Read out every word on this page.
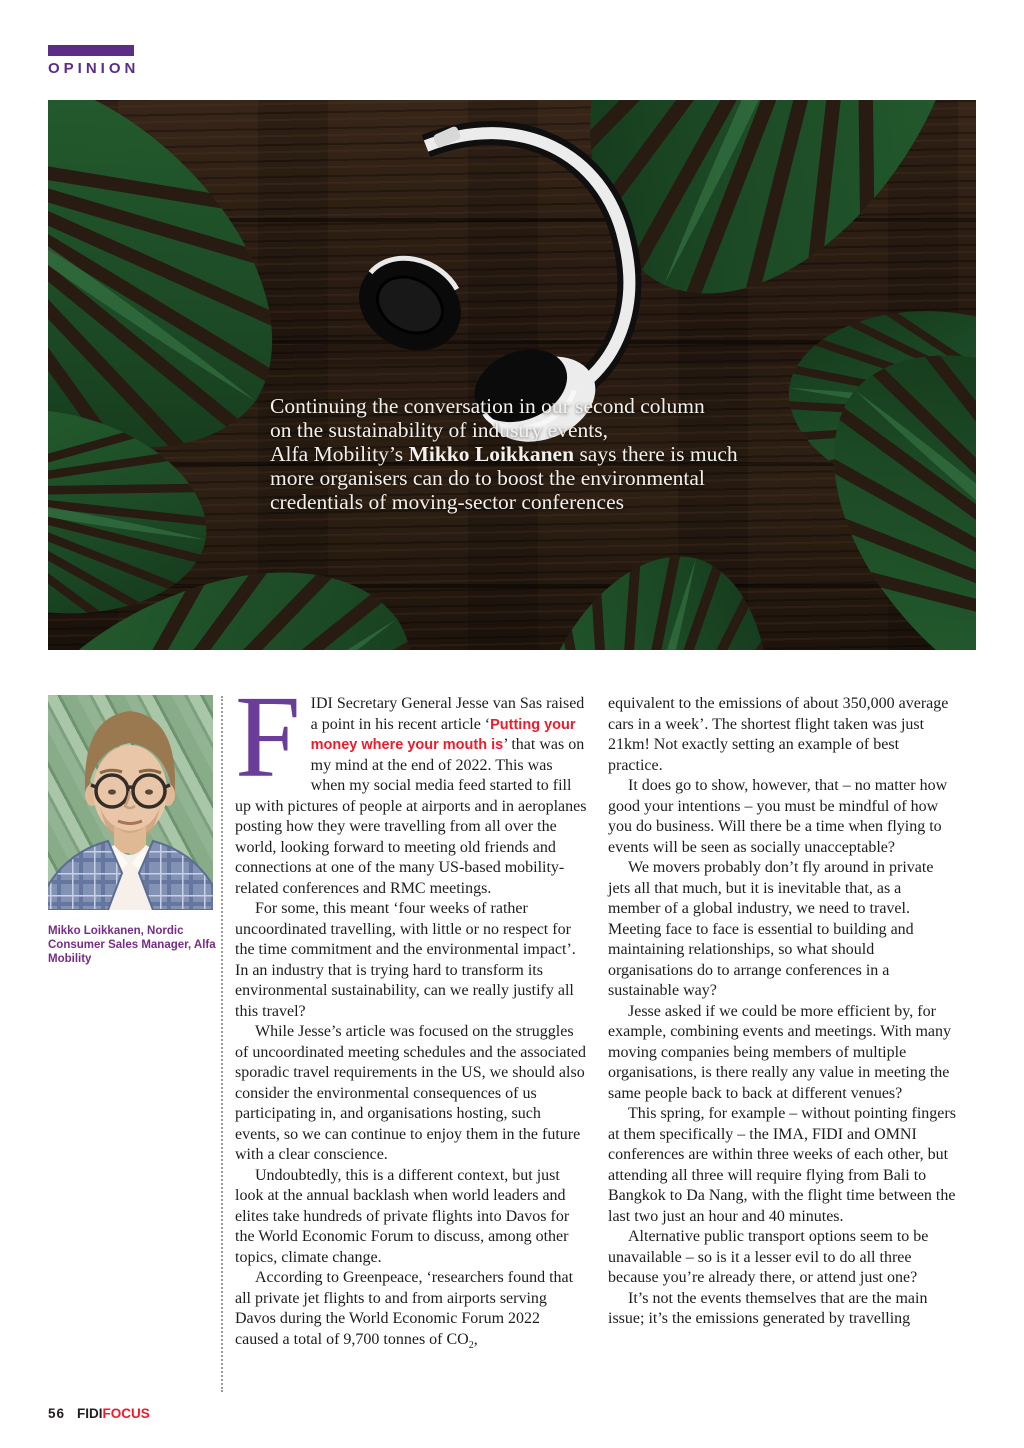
OPINION
Continuing the conversation in our second column
on the sustainability of industry events,
Alfa Mobility’s Mikko Loikkanen says there is much
more organisers can do to boost the environmental
credentials of moving-sector conferences
Mikko Loikkanen, Nordic Consumer Sales Manager, Alfa Mobility

FIDI Secretary General Jesse van Sas raised a point in his recent article ‘Putting your money where your mouth is’ that was on my mind at the end of 2022. This was when my social media feed started to fill up with pictures of people at airports and in aeroplanes posting how they were travelling from all over the world, looking forward to meeting old friends and connections at one of the many US-based mobility-related conferences and RMC meetings.

For some, this meant ‘four weeks of rather uncoordinated travelling, with little or no respect for the time commitment and the environmental impact’. In an industry that is trying hard to transform its environmental sustainability, can we really justify all this travel?

While Jesse’s article was focused on the struggles of uncoordinated meeting schedules and the associated sporadic travel requirements in the US, we should also consider the environmental consequences of us participating in, and organisations hosting, such events, so we can continue to enjoy them in the future with a clear conscience.

Undoubtedly, this is a different context, but just look at the annual backlash when world leaders and elites take hundreds of private flights into Davos for the World Economic Forum to discuss, among other topics, climate change.

According to Greenpeace, ‘researchers found that all private jet flights to and from airports serving Davos during the World Economic Forum 2022 caused a total of 9,700 tonnes of $CO_2$,

equivalent to the emissions of about 350,000 average cars in a week’. The shortest flight taken was just 21km! Not exactly setting an example of best practice.

It does go to show, however, that – no matter how good your intentions – you must be mindful of how you do business. Will there be a time when flying to events will be seen as socially unacceptable?

We movers probably don’t fly around in private jets all that much, but it is inevitable that, as a member of a global industry, we need to travel. Meeting face to face is essential to building and maintaining relationships, so what should organisations do to arrange conferences in a sustainable way?

Jesse asked if we could be more efficient by, for example, combining events and meetings. With many moving companies being members of multiple organisations, is there really any value in meeting the same people back to back at different venues?

This spring, for example – without pointing fingers at them specifically – the IMA, FIDI and OMNI conferences are within three weeks of each other, but attending all three will require flying from Bali to Bangkok to Da Nang, with the flight time between the last two just an hour and 40 minutes.

Alternative public transport options seem to be unavailable – so is it a lesser evil to do all three because you’re already there, or attend just one?

It’s not the events themselves that are the main issue; it’s the emissions generated by travelling

56 FIDIFOCUS
